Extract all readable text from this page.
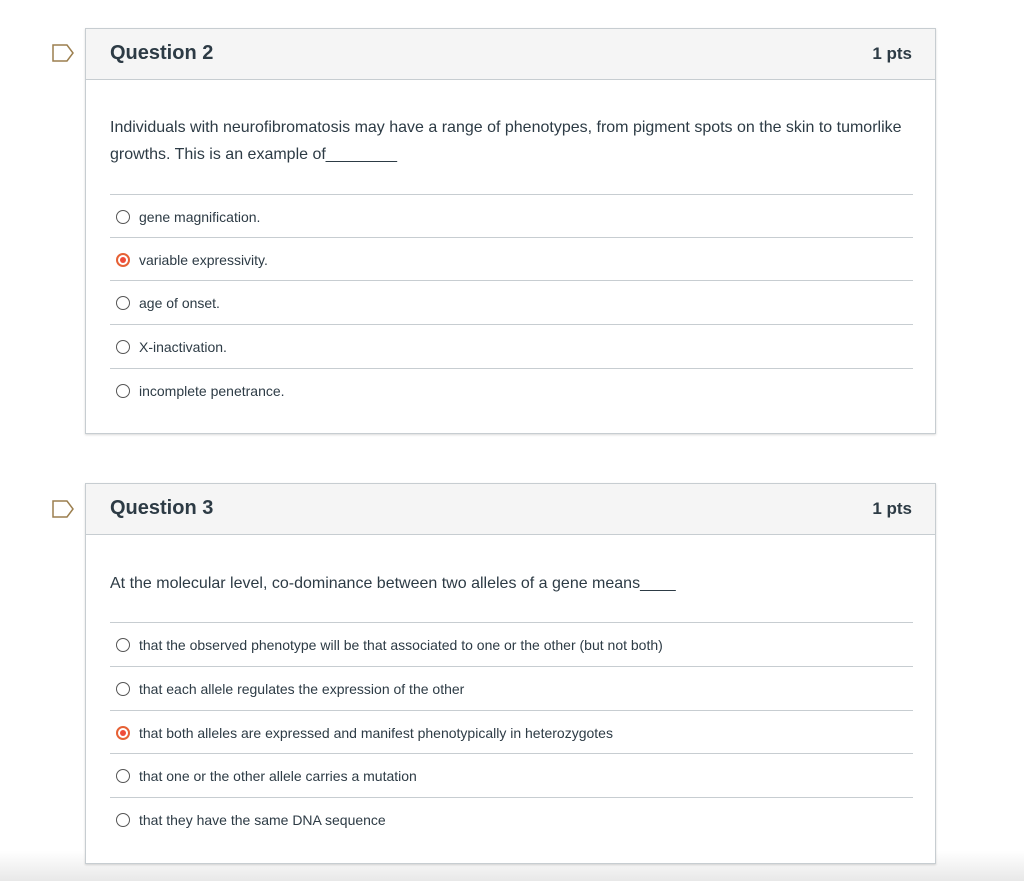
Question 2	1 pts
Individuals with neurofibromatosis may have a range of phenotypes, from pigment spots on the skin to tumorlike growths. This is an example of________
gene magnification.
variable expressivity.
age of onset.
X-inactivation.
incomplete penetrance.
Question 3	1 pts
At the molecular level, co-dominance between two alleles of a gene means____
that the observed phenotype will be that associated to one or the other (but not both)
that each allele regulates the expression of the other
that both alleles are expressed and manifest phenotypically in heterozygotes
that one or the other allele carries a mutation
that they have the same DNA sequence
